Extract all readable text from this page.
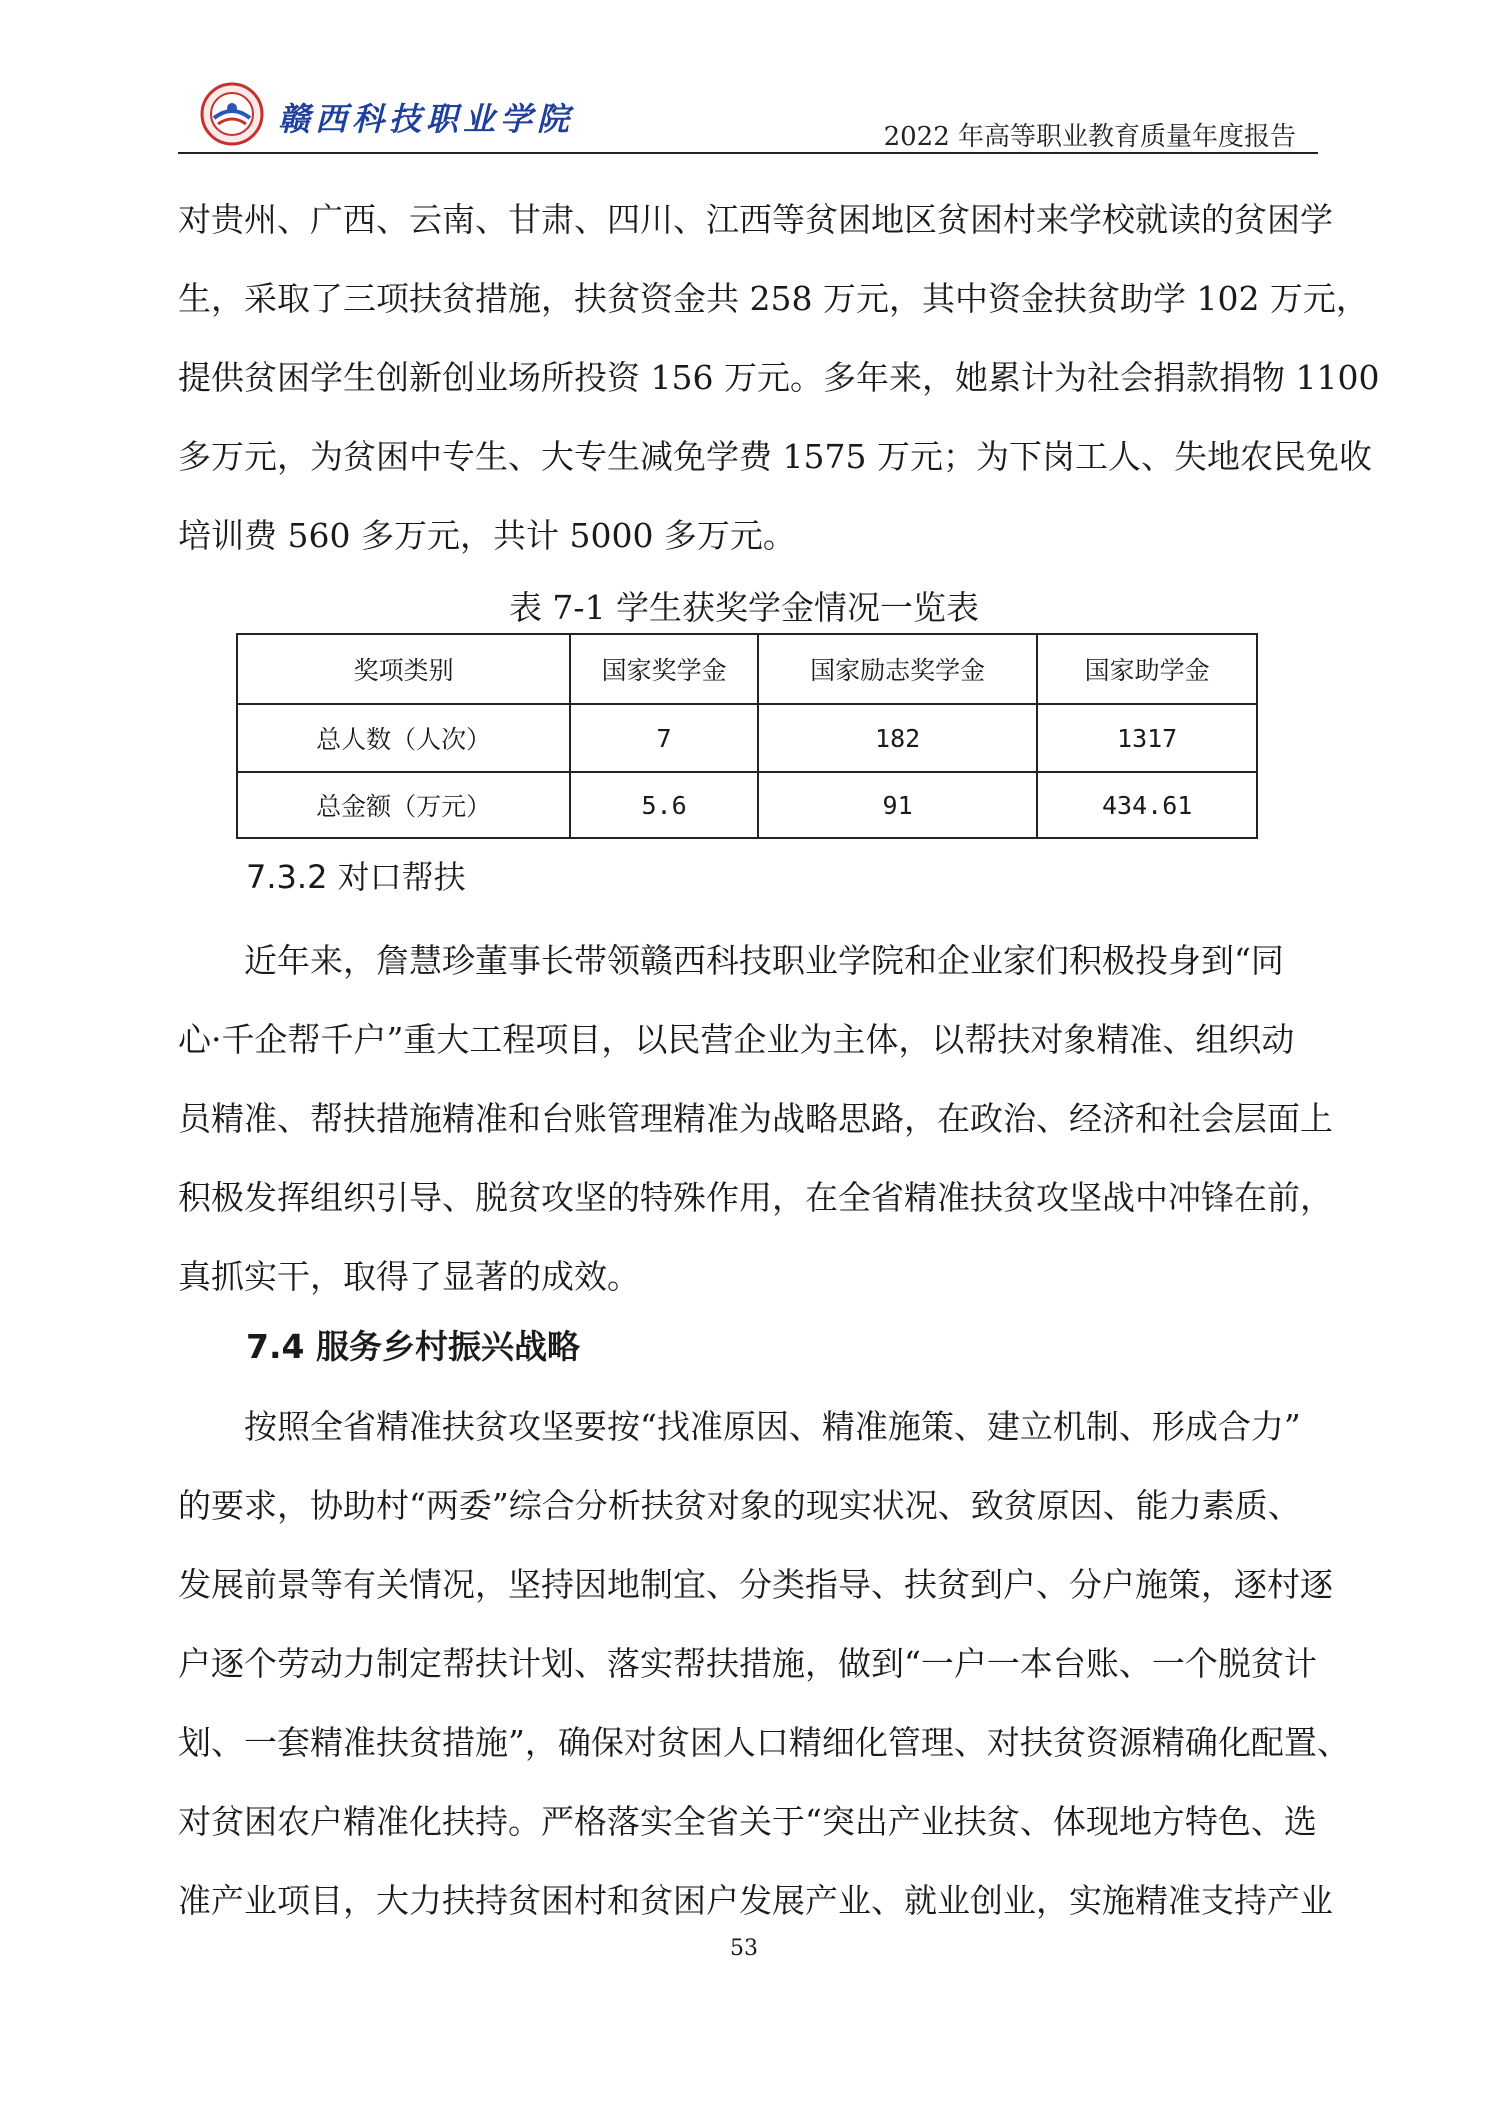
赣西科技职业学院	2022 年高等职业教育质量年度报告
对贵州、广西、云南、甘肃、四川、江西等贫困地区贫困村来学校就读的贫困学
生，采取了三项扶贫措施，扶贫资金共 258 万元，其中资金扶贫助学 102 万元，
提供贫困学生创新创业场所投资 156 万元。多年来，她累计为社会捐款捐物 1100
多万元，为贫困中专生、大专生减免学费 1575 万元；为下岗工人、失地农民免收
培训费 560 多万元，共计 5000 多万元。
表 7-1 学生获奖学金情况一览表
奖项类别	国家奖学金	国家励志奖学金	国家助学金
总人数（人次）	7	182	1317
总金额（万元）	5.6	91	434.61
7.3.2 对口帮扶
近年来，詹慧珍董事长带领赣西科技职业学院和企业家们积极投身到“同
心·千企帮千户”重大工程项目，以民营企业为主体，以帮扶对象精准、组织动
员精准、帮扶措施精准和台账管理精准为战略思路，在政治、经济和社会层面上
积极发挥组织引导、脱贫攻坚的特殊作用，在全省精准扶贫攻坚战中冲锋在前，
真抓实干，取得了显著的成效。
7.4 服务乡村振兴战略
按照全省精准扶贫攻坚要按“找准原因、精准施策、建立机制、形成合力”
的要求，协助村“两委”综合分析扶贫对象的现实状况、致贫原因、能力素质、
发展前景等有关情况，坚持因地制宜、分类指导、扶贫到户、分户施策，逐村逐
户逐个劳动力制定帮扶计划、落实帮扶措施，做到“一户一本台账、一个脱贫计
划、一套精准扶贫措施”，确保对贫困人口精细化管理、对扶贫资源精确化配置、
对贫困农户精准化扶持。严格落实全省关于“突出产业扶贫、体现地方特色、选
准产业项目，大力扶持贫困村和贫困户发展产业、就业创业，实施精准支持产业
53
